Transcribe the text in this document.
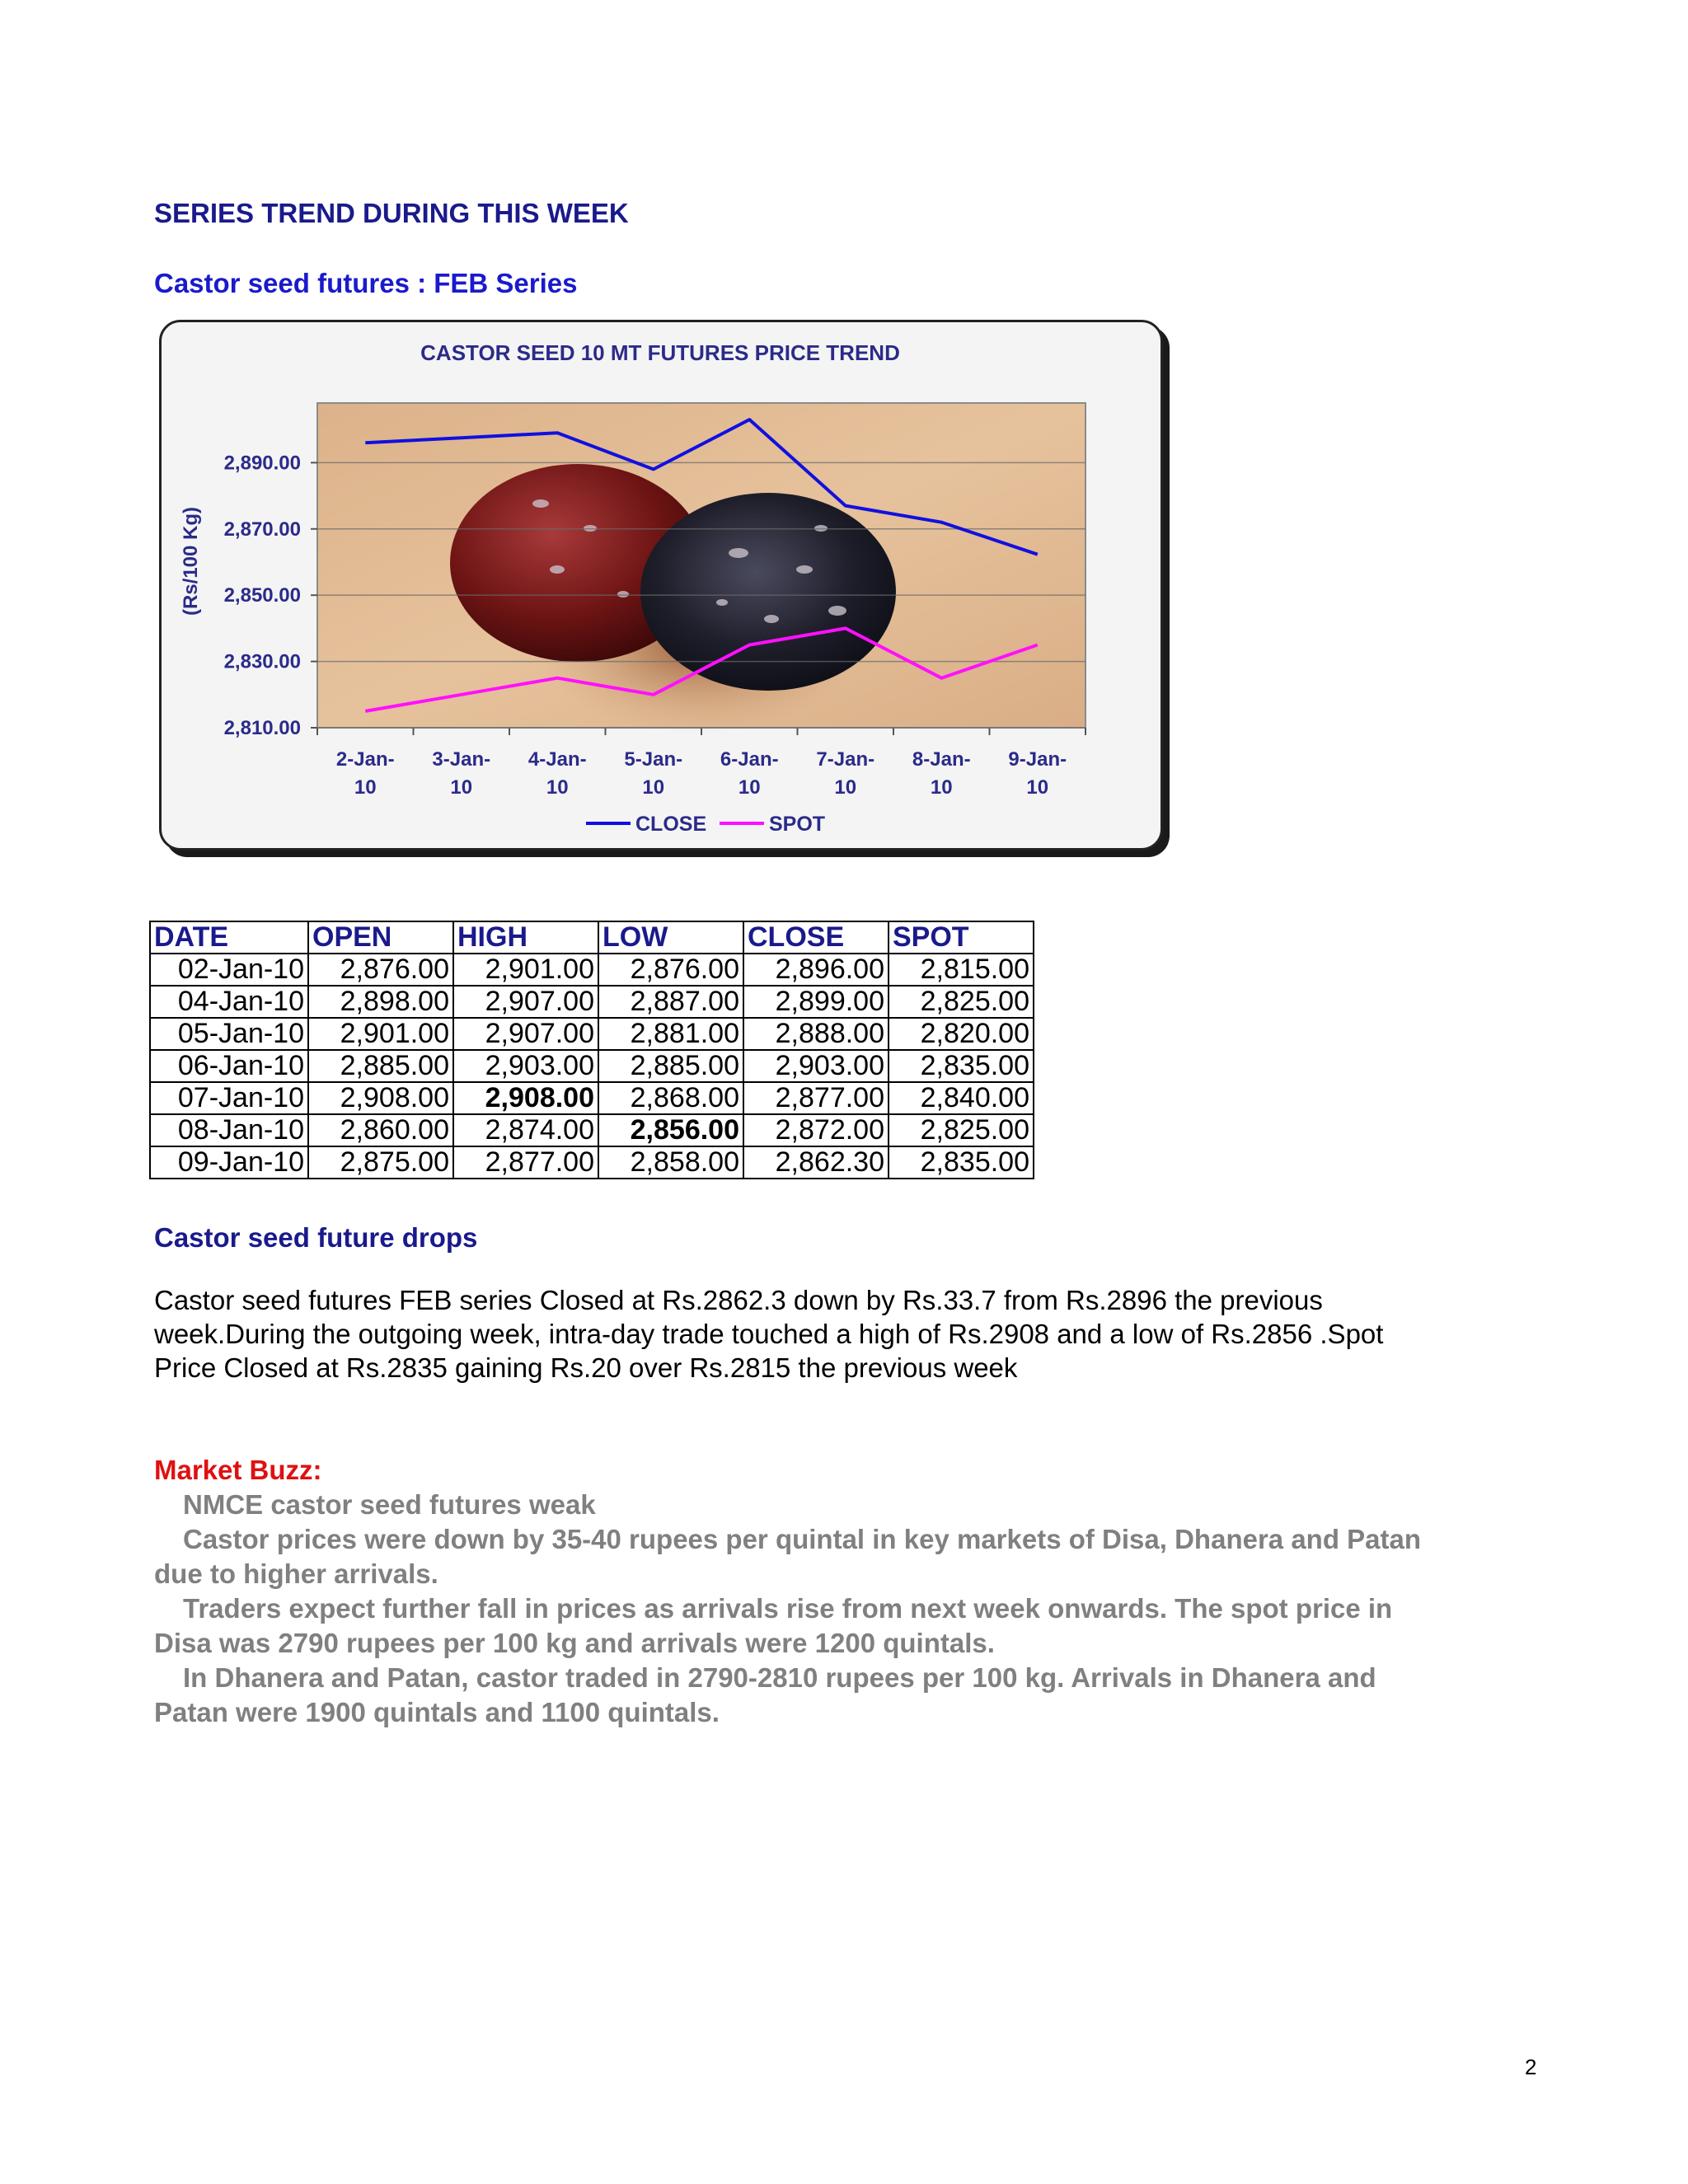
SERIES TREND DURING THIS WEEK
Castor seed futures : FEB Series
CASTOR SEED 10 MT FUTURES PRICE TREND
2,810.00
2,830.00
2,850.00
2,870.00
2,890.00
2-Jan-10
3-Jan-10
4-Jan-10
5-Jan-10
6-Jan-10
7-Jan-10
8-Jan-10
9-Jan-10
(Rs/100 Kg)
CLOSE	SPOT
DATE	OPEN	HIGH	LOW	CLOSE	SPOT
02-Jan-10	2,876.00	2,901.00	2,876.00	2,896.00	2,815.00
04-Jan-10	2,898.00	2,907.00	2,887.00	2,899.00	2,825.00
05-Jan-10	2,901.00	2,907.00	2,881.00	2,888.00	2,820.00
06-Jan-10	2,885.00	2,903.00	2,885.00	2,903.00	2,835.00
07-Jan-10	2,908.00	2,908.00	2,868.00	2,877.00	2,840.00
08-Jan-10	2,860.00	2,874.00	2,856.00	2,872.00	2,825.00
09-Jan-10	2,875.00	2,877.00	2,858.00	2,862.30	2,835.00
Castor seed future drops
Castor seed futures FEB series Closed at Rs.2862.3 down by Rs.33.7 from Rs.2896 the previous week.During the outgoing week, intra-day trade touched a high of Rs.2908 and a low of Rs.2856 .Spot Price Closed at Rs.2835 gaining Rs.20 over Rs.2815 the previous week
Market Buzz:

NMCE castor seed futures weak

Castor prices were down by 35-40 rupees per quintal in key markets of Disa, Dhanera and Patan due to higher arrivals.

Traders expect further fall in prices as arrivals rise from next week onwards. The spot price in Disa was 2790 rupees per 100 kg and arrivals were 1200 quintals.

In Dhanera and Patan, castor traded in 2790-2810 rupees per 100 kg. Arrivals in Dhanera and Patan were 1900 quintals and 1100 quintals.

2
